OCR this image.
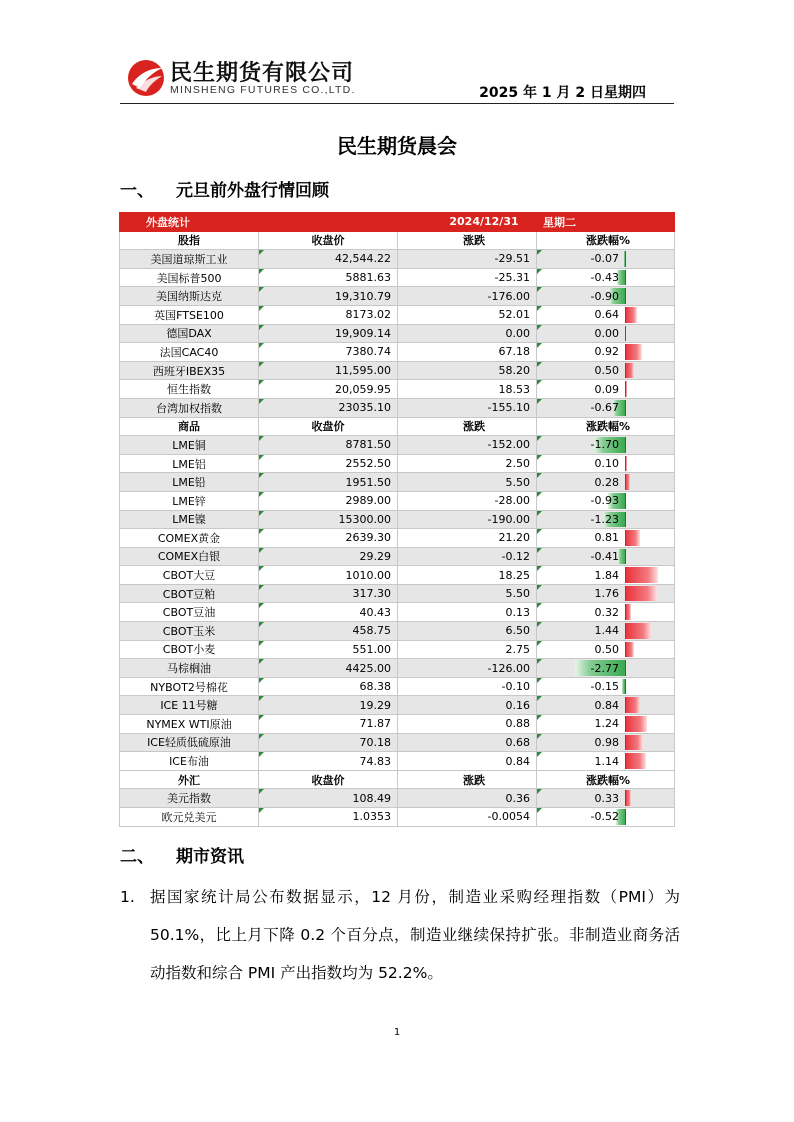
民生期货有限公司
MINSHENG FUTURES CO.,LTD.	2025 年 1 月 2 日星期四
民生期货晨会
一、 元旦前外盘行情回顾
外盘统计		2024/12/31	星期二
股指	收盘价	涨跌	涨跌幅%
美国道琼斯工业	42,544.22	-29.51	-0.07
美国标普500	5881.63	-25.31	-0.43
美国纳斯达克	19,310.79	-176.00	-0.90
英国FTSE100	8173.02	52.01	0.64
德国DAX	19,909.14	0.00	0.00
法国CAC40	7380.74	67.18	0.92
西班牙IBEX35	11,595.00	58.20	0.50
恒生指数	20,059.95	18.53	0.09
台湾加权指数	23035.10	-155.10	-0.67
商品	收盘价	涨跌	涨跌幅%
LME铜	8781.50	-152.00	-1.70
LME铝	2552.50	2.50	0.10
LME铅	1951.50	5.50	0.28
LME锌	2989.00	-28.00	-0.93
LME镍	15300.00	-190.00	-1.23
COMEX黄金	2639.30	21.20	0.81
COMEX白银	29.29	-0.12	-0.41
CBOT大豆	1010.00	18.25	1.84
CBOT豆粕	317.30	5.50	1.76
CBOT豆油	40.43	0.13	0.32
CBOT玉米	458.75	6.50	1.44
CBOT小麦	551.00	2.75	0.50
马棕榈油	4425.00	-126.00	-2.77
NYBOT2号棉花	68.38	-0.10	-0.15
ICE 11号糖	19.29	0.16	0.84
NYMEX WTI原油	71.87	0.88	1.24
ICE轻质低硫原油	70.18	0.68	0.98
ICE布油	74.83	0.84	1.14
外汇	收盘价	涨跌	涨跌幅%
美元指数	108.49	0.36	0.33
欧元兑美元	1.0353	-0.0054	-0.52
二、 期市资讯
1. 据国家统计局公布数据显示，12 月份，制造业采购经理指数（PMI）为 50.1%，比上月下降 0.2 个百分点，制造业继续保持扩张。非制造业商务活动指数和综合 PMI 产出指数均为 52.2%。
1
